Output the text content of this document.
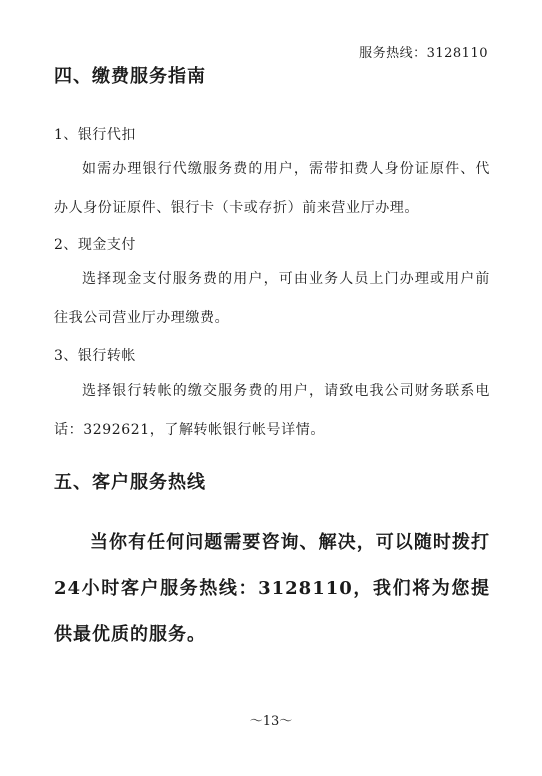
服务热线：3128110
四、缴费服务指南
1、银行代扣
如需办理银行代缴服务费的用户，需带扣费人身份证原件、代办人身份证原件、银行卡（卡或存折）前来营业厅办理。
2、现金支付
选择现金支付服务费的用户，可由业务人员上门办理或用户前往我公司营业厅办理缴费。
3、银行转帐
选择银行转帐的缴交服务费的用户，请致电我公司财务联系电话：3292621，了解转帐银行帐号详情。
五、客户服务热线
当你有任何问题需要咨询、解决，可以随时拨打24小时客户服务热线：3128110，我们将为您提供最优质的服务。
～13～
